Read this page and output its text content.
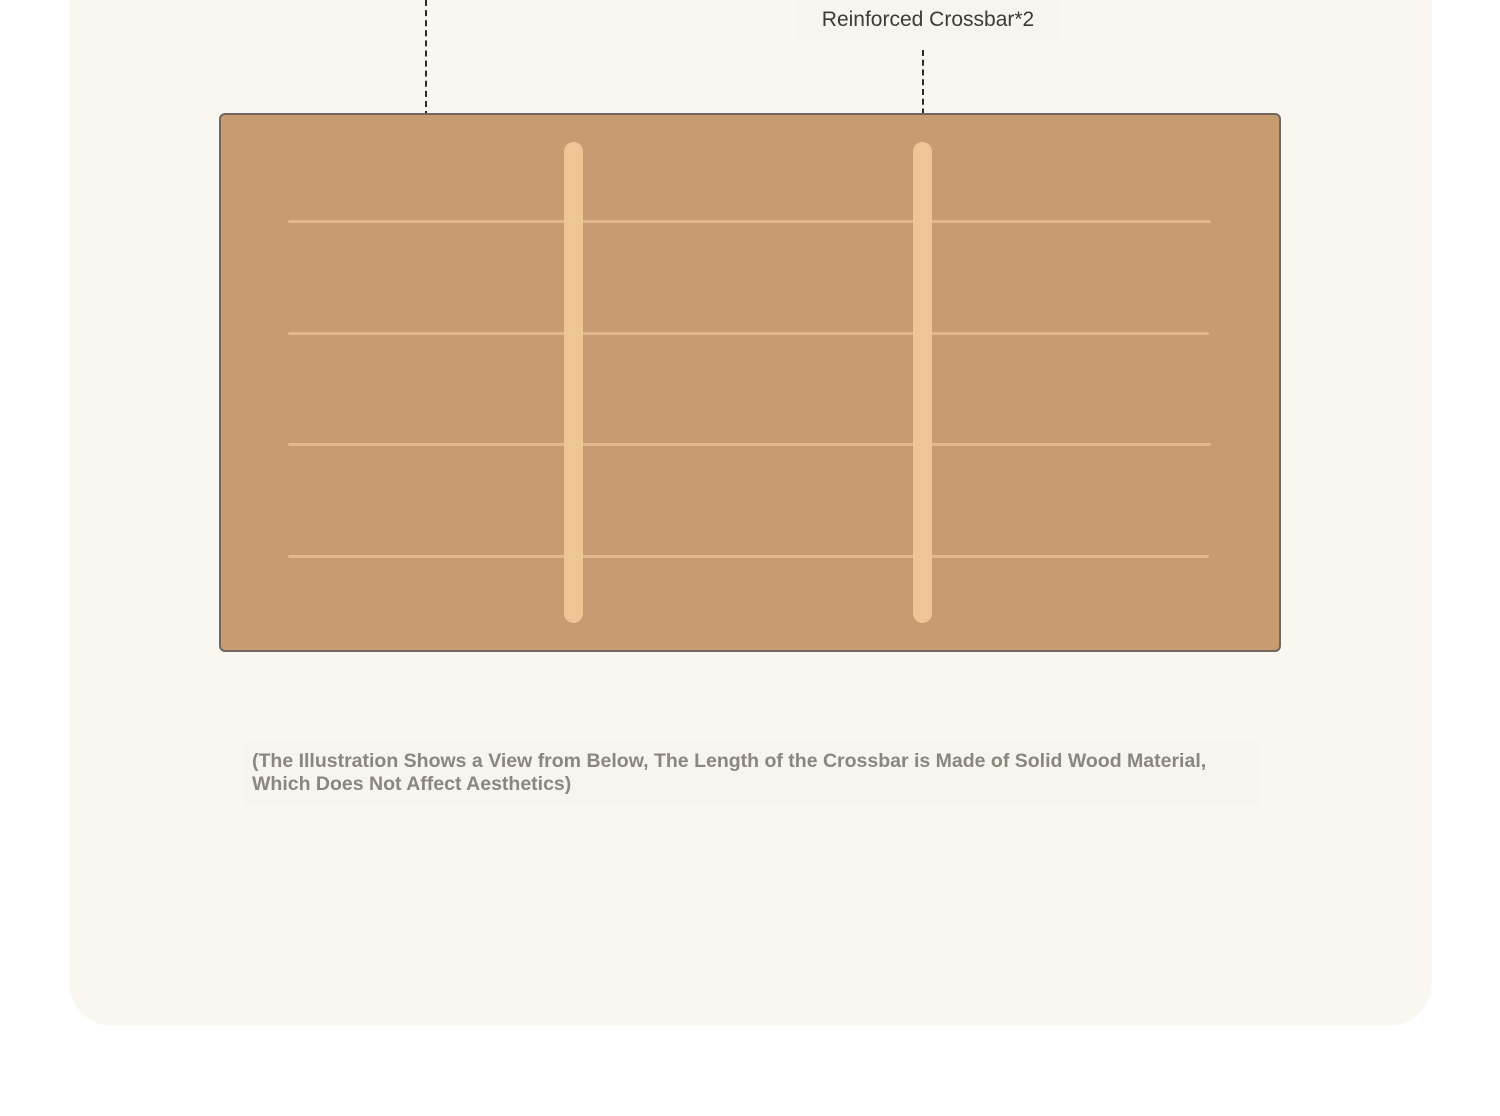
Reinforced Crossbar*2
(The Illustration Shows a View from Below, The Length of the Crossbar is Made of Solid Wood Material, Which Does Not Affect Aesthetics)
